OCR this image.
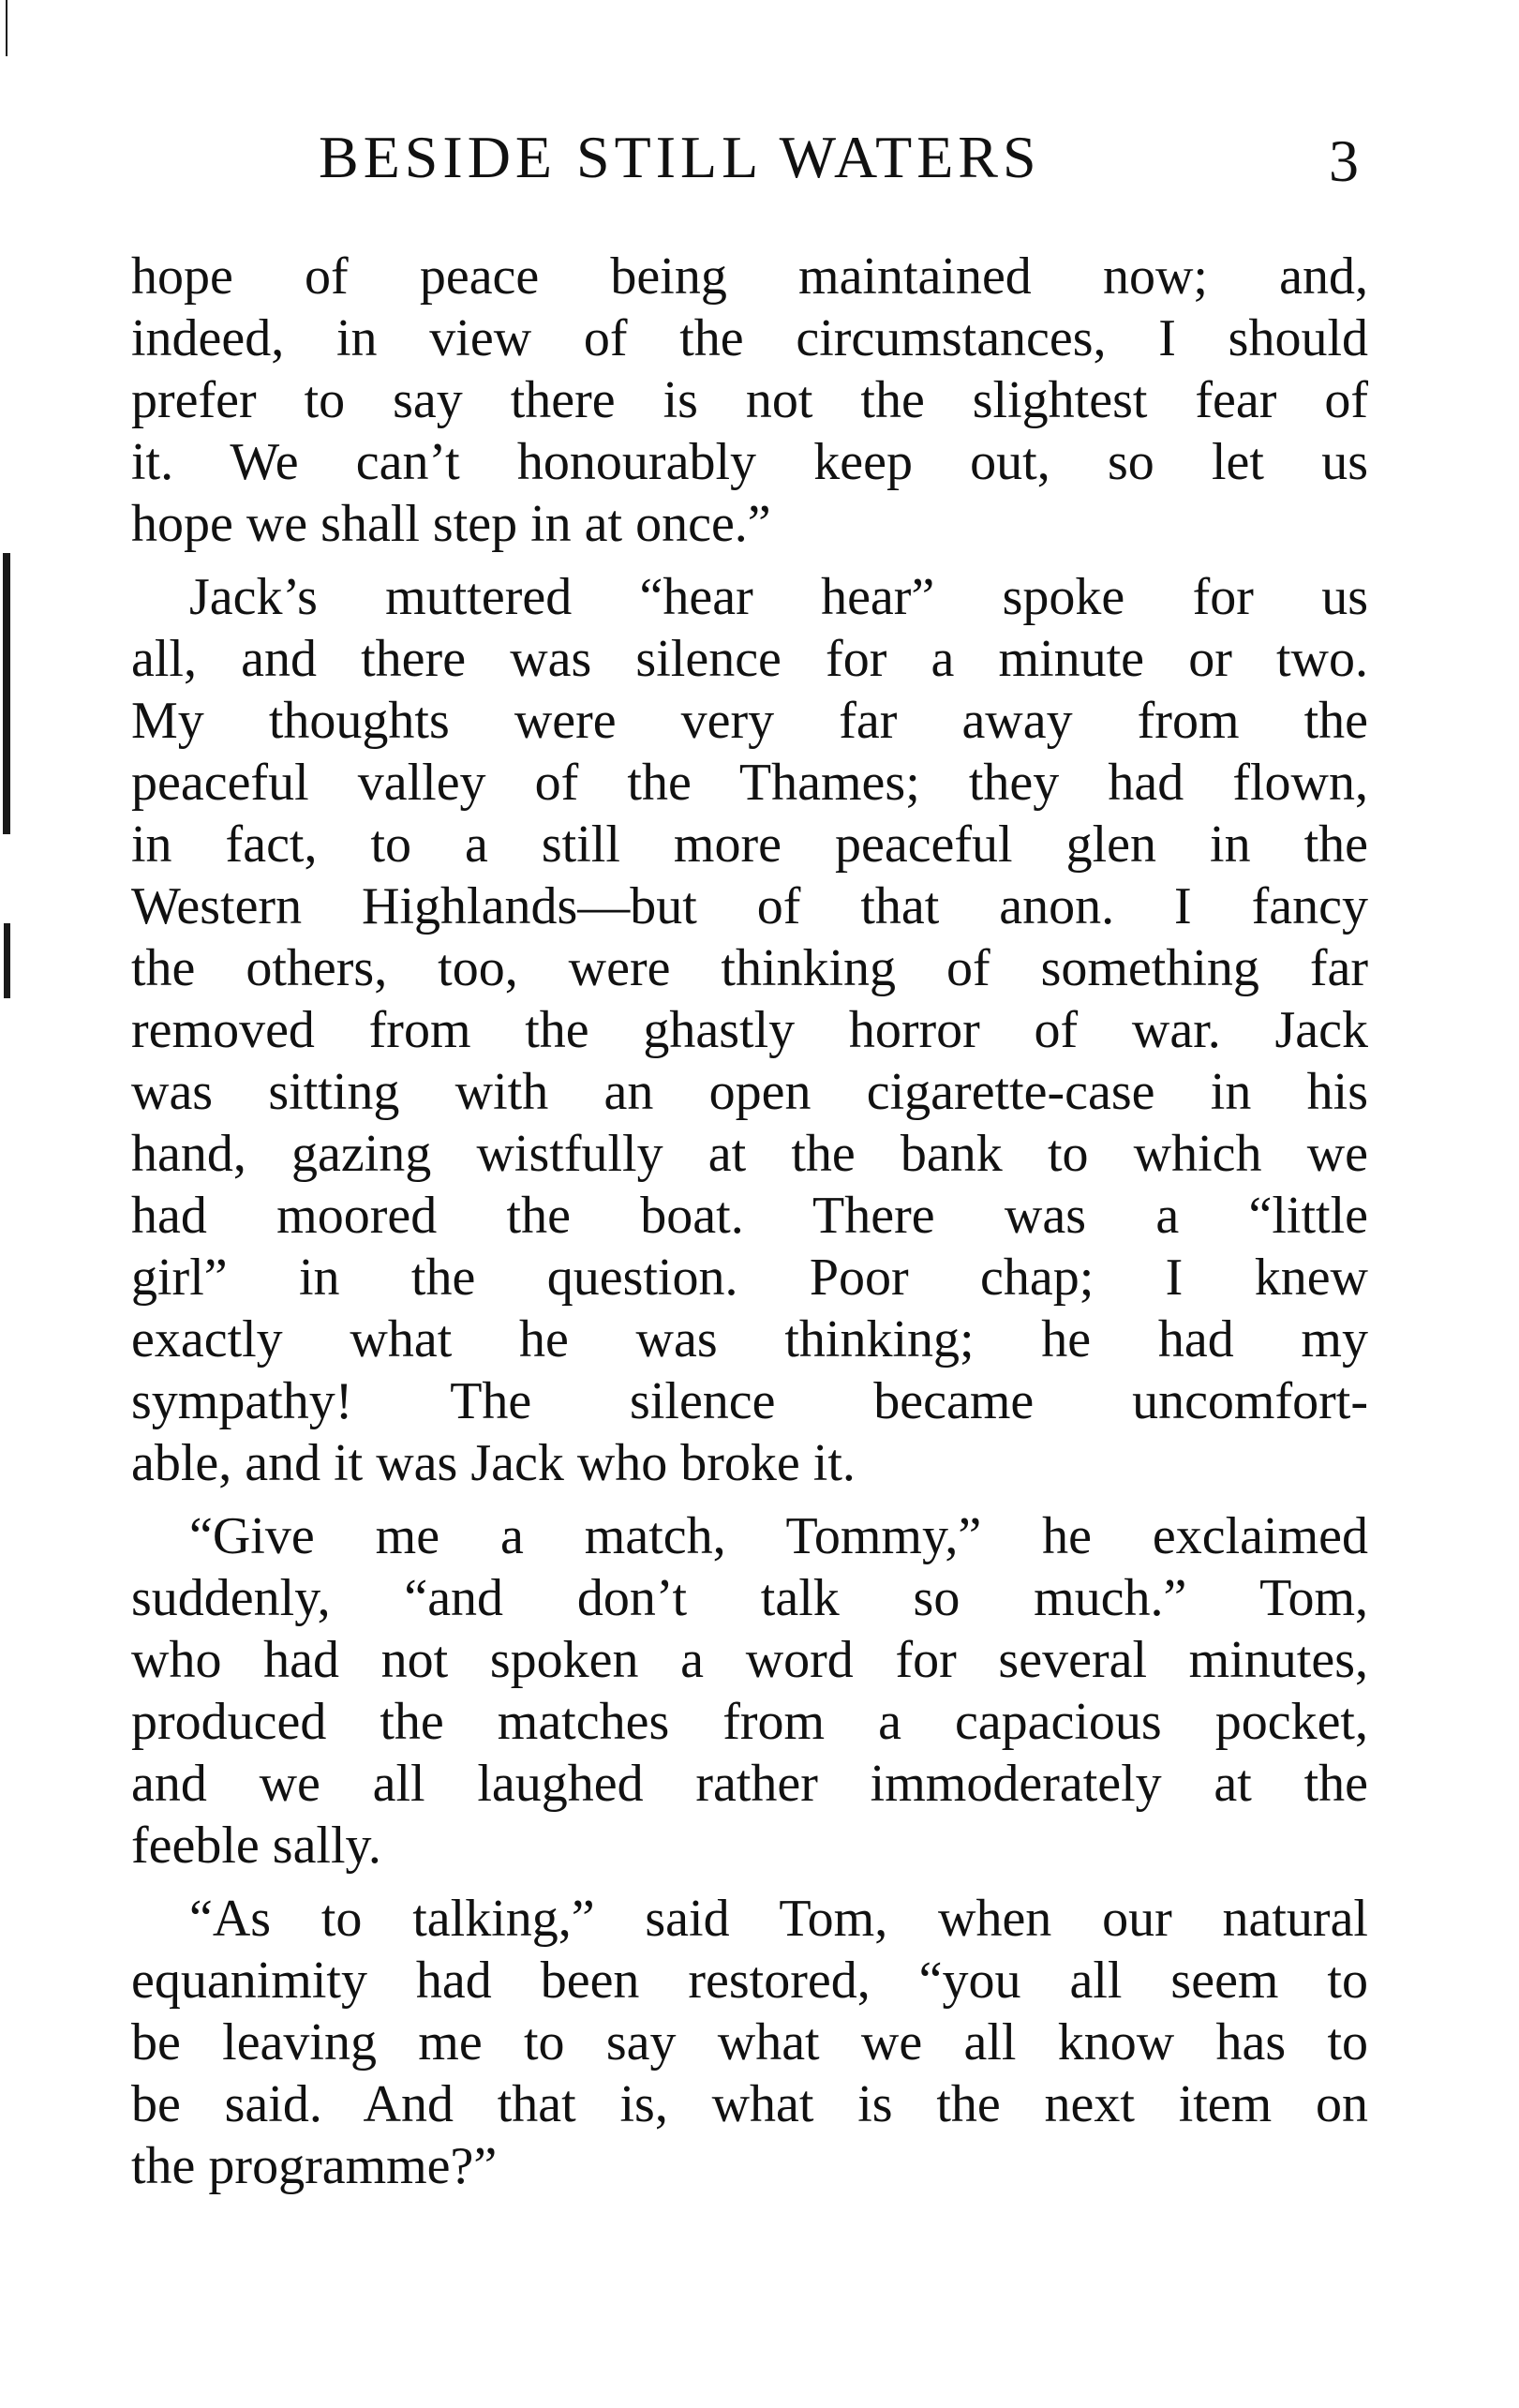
BESIDE STILL WATERS	3
hope of peace being maintained now; and,
indeed, in view of the circumstances, I should
prefer to say there is not the slightest fear of
it. We can’t honourably keep out, so let us
hope we shall step in at once.”
Jack’s muttered “hear hear” spoke for us
all, and there was silence for a minute or two.
My thoughts were very far away from the
peaceful valley of the Thames; they had flown,
in fact, to a still more peaceful glen in the
Western Highlands—but of that anon. I fancy
the others, too, were thinking of something far
removed from the ghastly horror of war. Jack
was sitting with an open cigarette-case in his
hand, gazing wistfully at the bank to which we
had moored the boat. There was a “little
girl” in the question. Poor chap; I knew
exactly what he was thinking; he had my
sympathy! The silence became uncomfort-
able, and it was Jack who broke it.
“Give me a match, Tommy,” he exclaimed
suddenly, “and don’t talk so much.” Tom,
who had not spoken a word for several minutes,
produced the matches from a capacious pocket,
and we all laughed rather immoderately at the
feeble sally.
“As to talking,” said Tom, when our natural
equanimity had been restored, “you all seem to
be leaving me to say what we all know has to
be said. And that is, what is the next item on
the programme?”
